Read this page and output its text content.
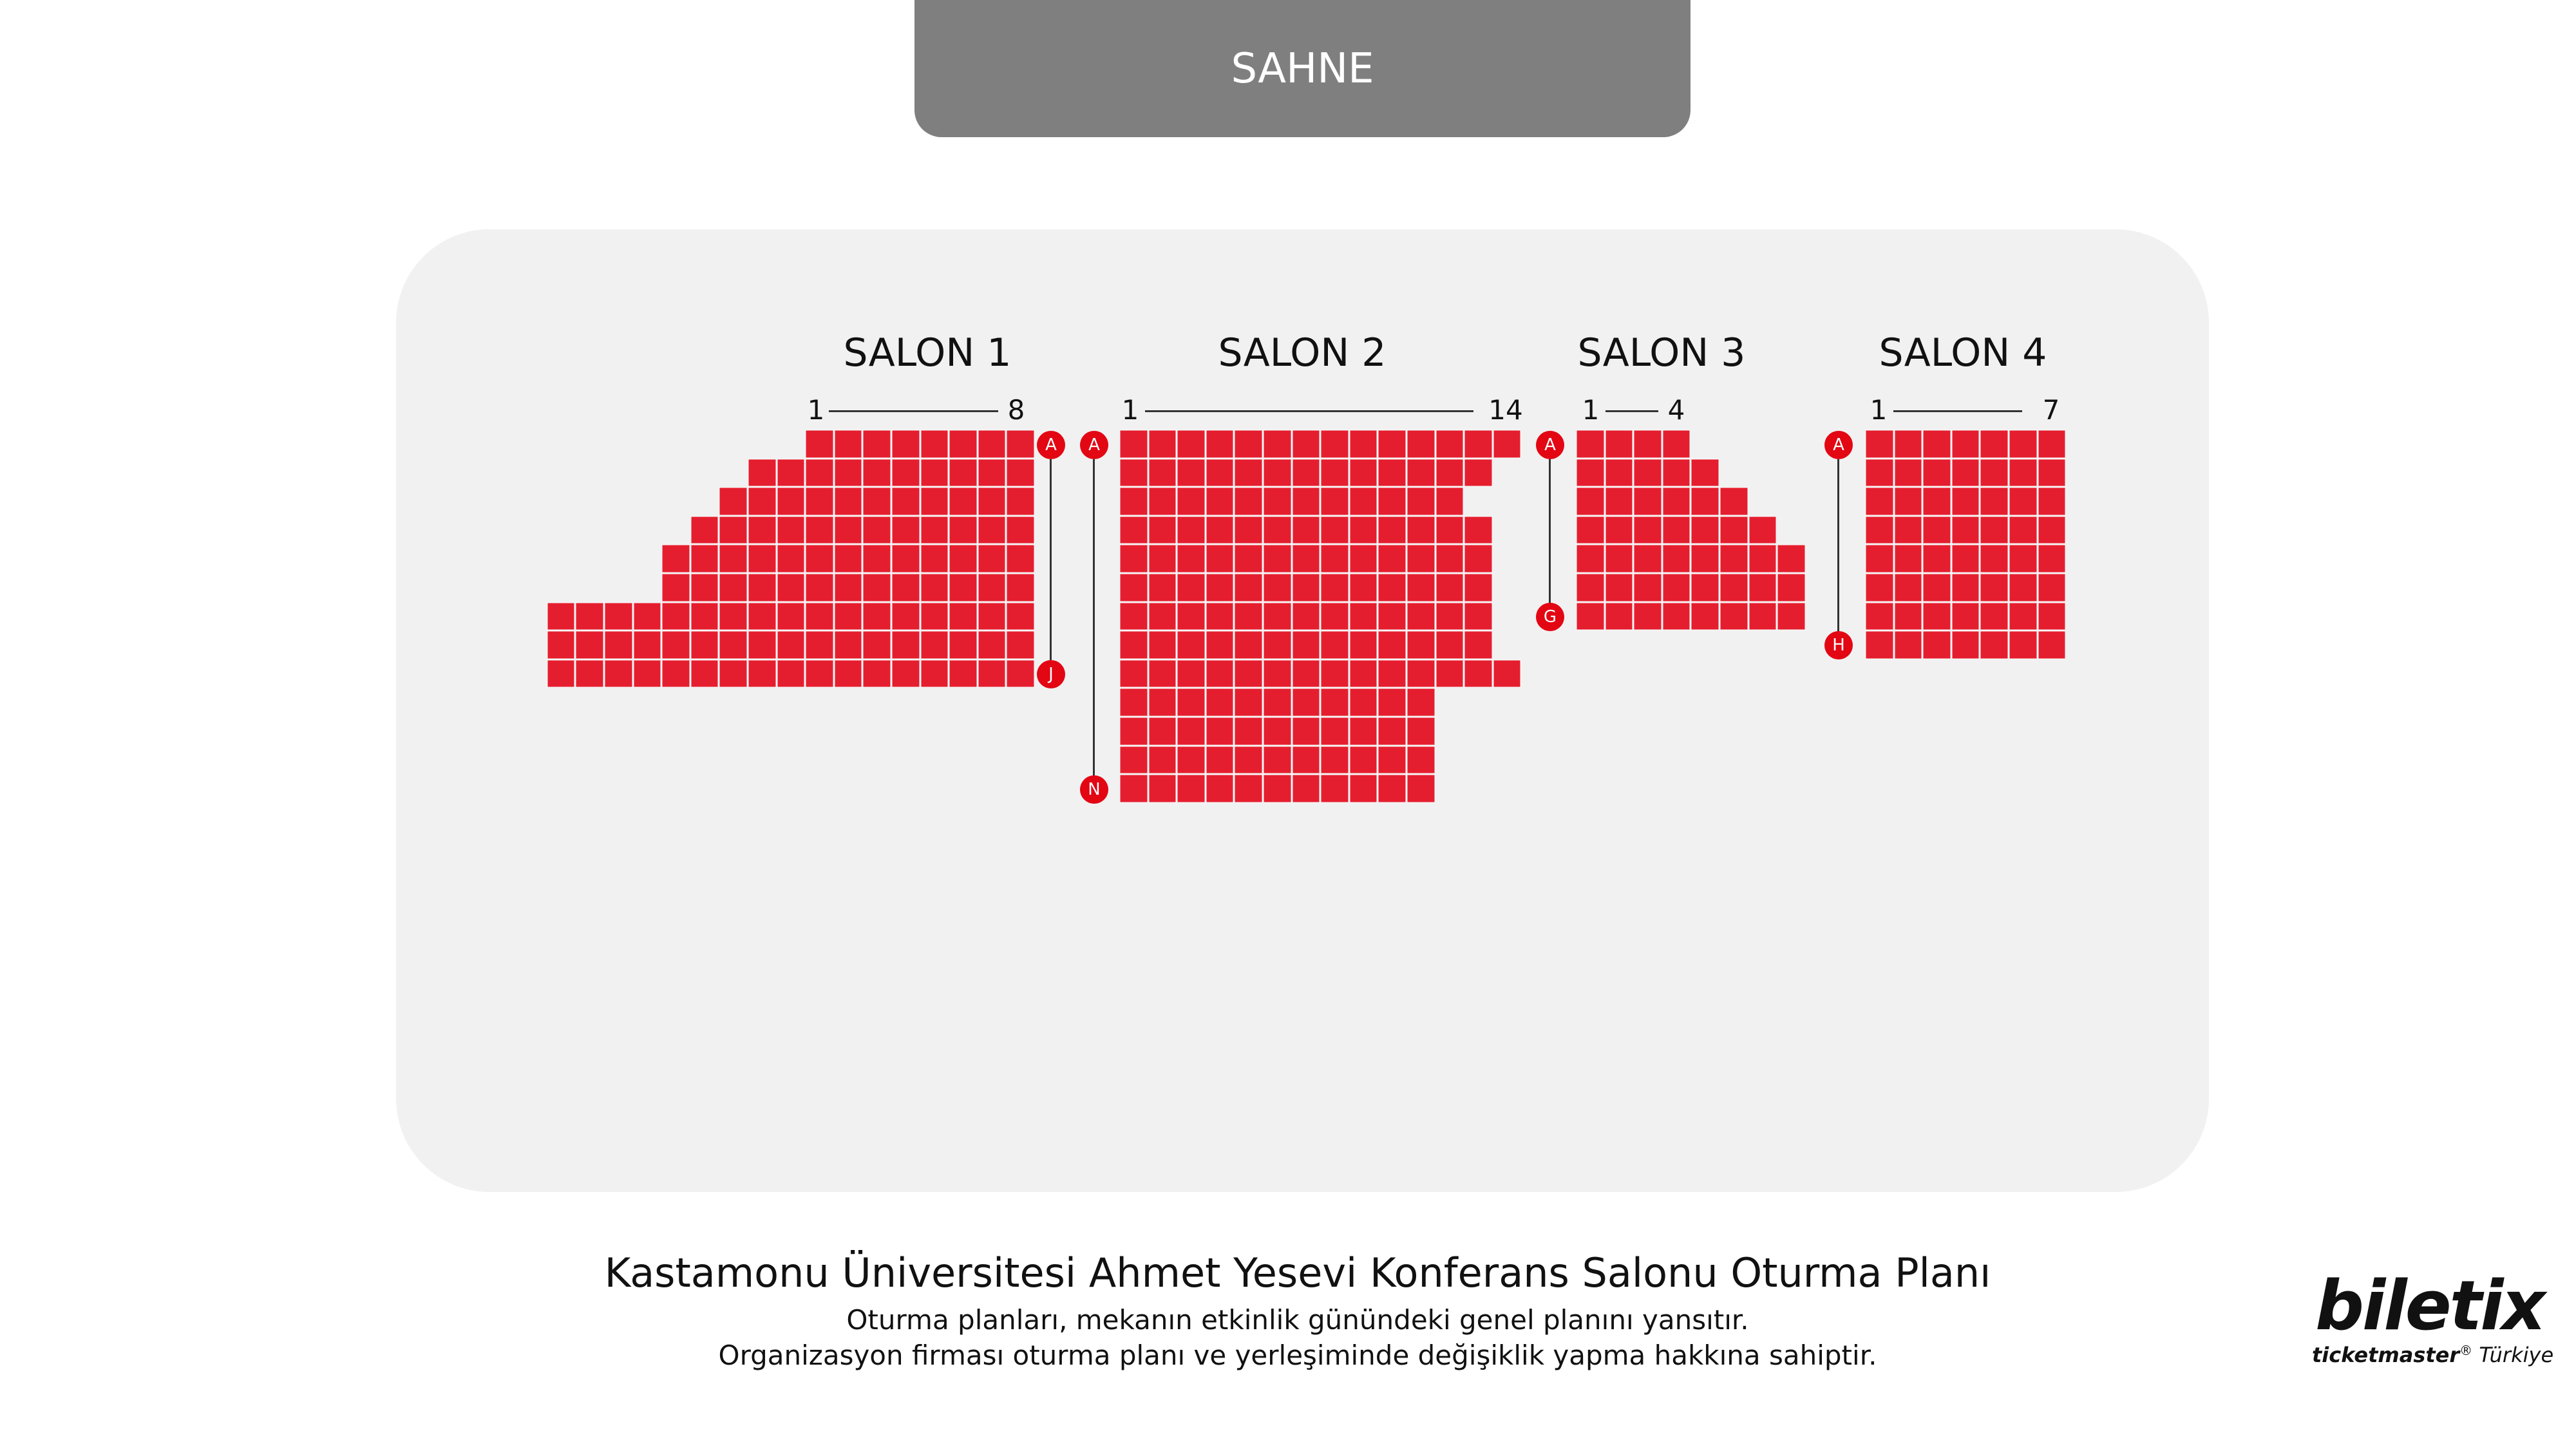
SAHNE
SALON 1	SALON 2	SALON 3	SALON 4
1	8	1	14 1	4	1	7
A
J
A
N
A
G
A
H
Kastamonu Üniversitesi Ahmet Yesevi Konferans Salonu Oturma Planı
Oturma planları, mekanın etkinlik günündeki genel planını yansıtır.
Organizasyon firması oturma planı ve yerleşiminde değişiklik yapma hakkına sahiptir.
biletix
ticketmaster® Türkiye
